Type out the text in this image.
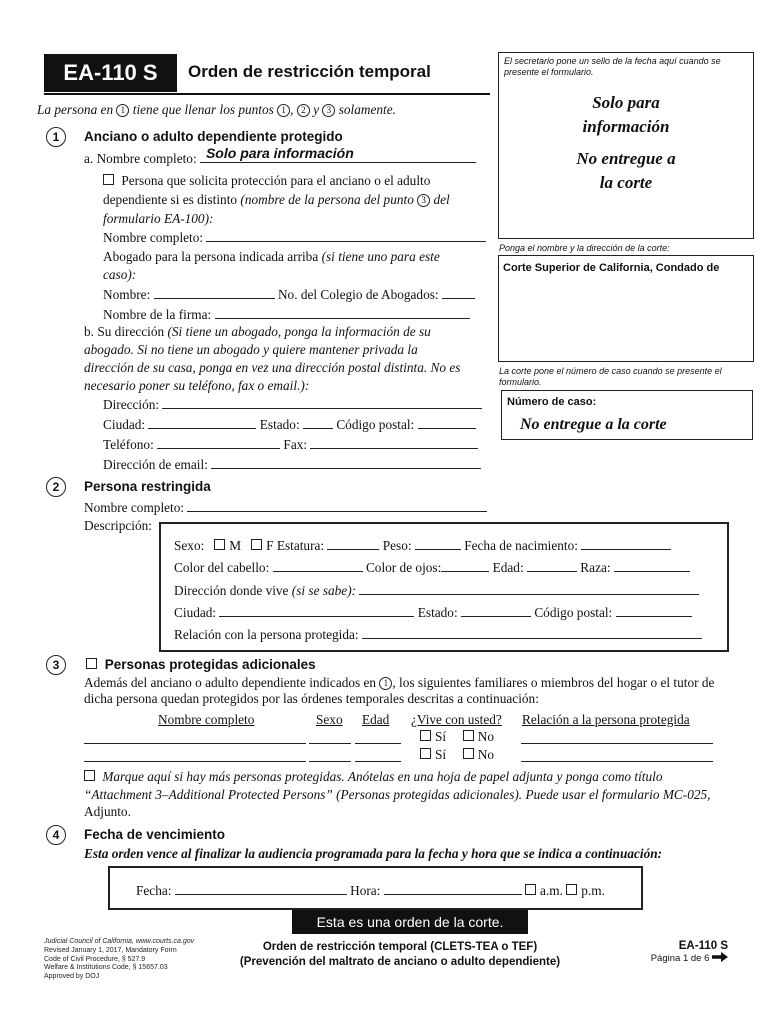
EA-110 S	Orden de restricción temporal
La persona en 1 tiene que llenar los puntos 1 , 2 y 3 solamente.
El secretario pone un sello de la fecha aquí cuando se presente el formulario.
Solo para
información
No entregue a
la corte
Ponga el nombre y la dirección de la corte:
Corte Superior de California, Condado de
La corte pone el número de caso cuando se presente el formulario.
Número de caso:
No entregue a la corte
1	Anciano o adulto dependiente protegido
a. Nombre completo: Solo para información
Persona que solicita protección para el anciano o el adulto dependiente si es distinto (nombre de la persona del punto 3 del formulario EA-100):
Nombre completo:
Abogado para la persona indicada arriba (si tiene uno para este caso):
Nombre:	No. del Colegio de Abogados:
Nombre de la firma:
b. Su dirección (Si tiene un abogado, ponga la información de su abogado. Si no tiene un abogado y quiere mantener privada la dirección de su casa, ponga en vez una dirección postal distinta. No es necesario poner su teléfono, fax o email.):
Dirección:
Ciudad:	Estado:	Código postal:
Teléfono:	Fax:
Dirección de email:
2	Persona restringida
Nombre completo:
Descripción:
Sexo: M F Estatura:	Peso:	Fecha de nacimiento:
Color del cabello:	Color de ojos:	Edad:	Raza:
Dirección donde vive (si se sabe):
Ciudad:	Estado:	Código postal:
Relación con la persona protegida:
3	Personas protegidas adicionales
Además del anciano o adulto dependiente indicados en 1 , los siguientes familiares o miembros del hogar o el tutor de dicha persona quedan protegidos por las órdenes temporales descritas a continuación:
Nombre completo	Sexo Edad ¿Vive con usted? Relación a la persona protegida
Sí No
Sí No
Marque aquí si hay más personas protegidas. Anótelas en una hoja de papel adjunta y ponga como título “Attachment 3–Additional Protected Persons” (Personas protegidas adicionales). Puede usar el formulario MC-025, Adjunto.
4	Fecha de vencimiento
Esta orden vence al finalizar la audiencia programada para la fecha y hora que se indica a continuación:
Fecha:	Hora:	a.m. p.m.
Esta es una orden de la corte.
Judicial Council of California, www.courts.ca.gov
Revised January 1, 2017, Mandatory Form
Code of Civil Procedure, § 527.9
Welfare & Institutions Code, § 15657.03
Approved by DOJ
Orden de restricción temporal (CLETS-TEA o TEF)
(Prevención del maltrato de anciano o adulto dependiente)
EA-110 S
Página 1 de 6
